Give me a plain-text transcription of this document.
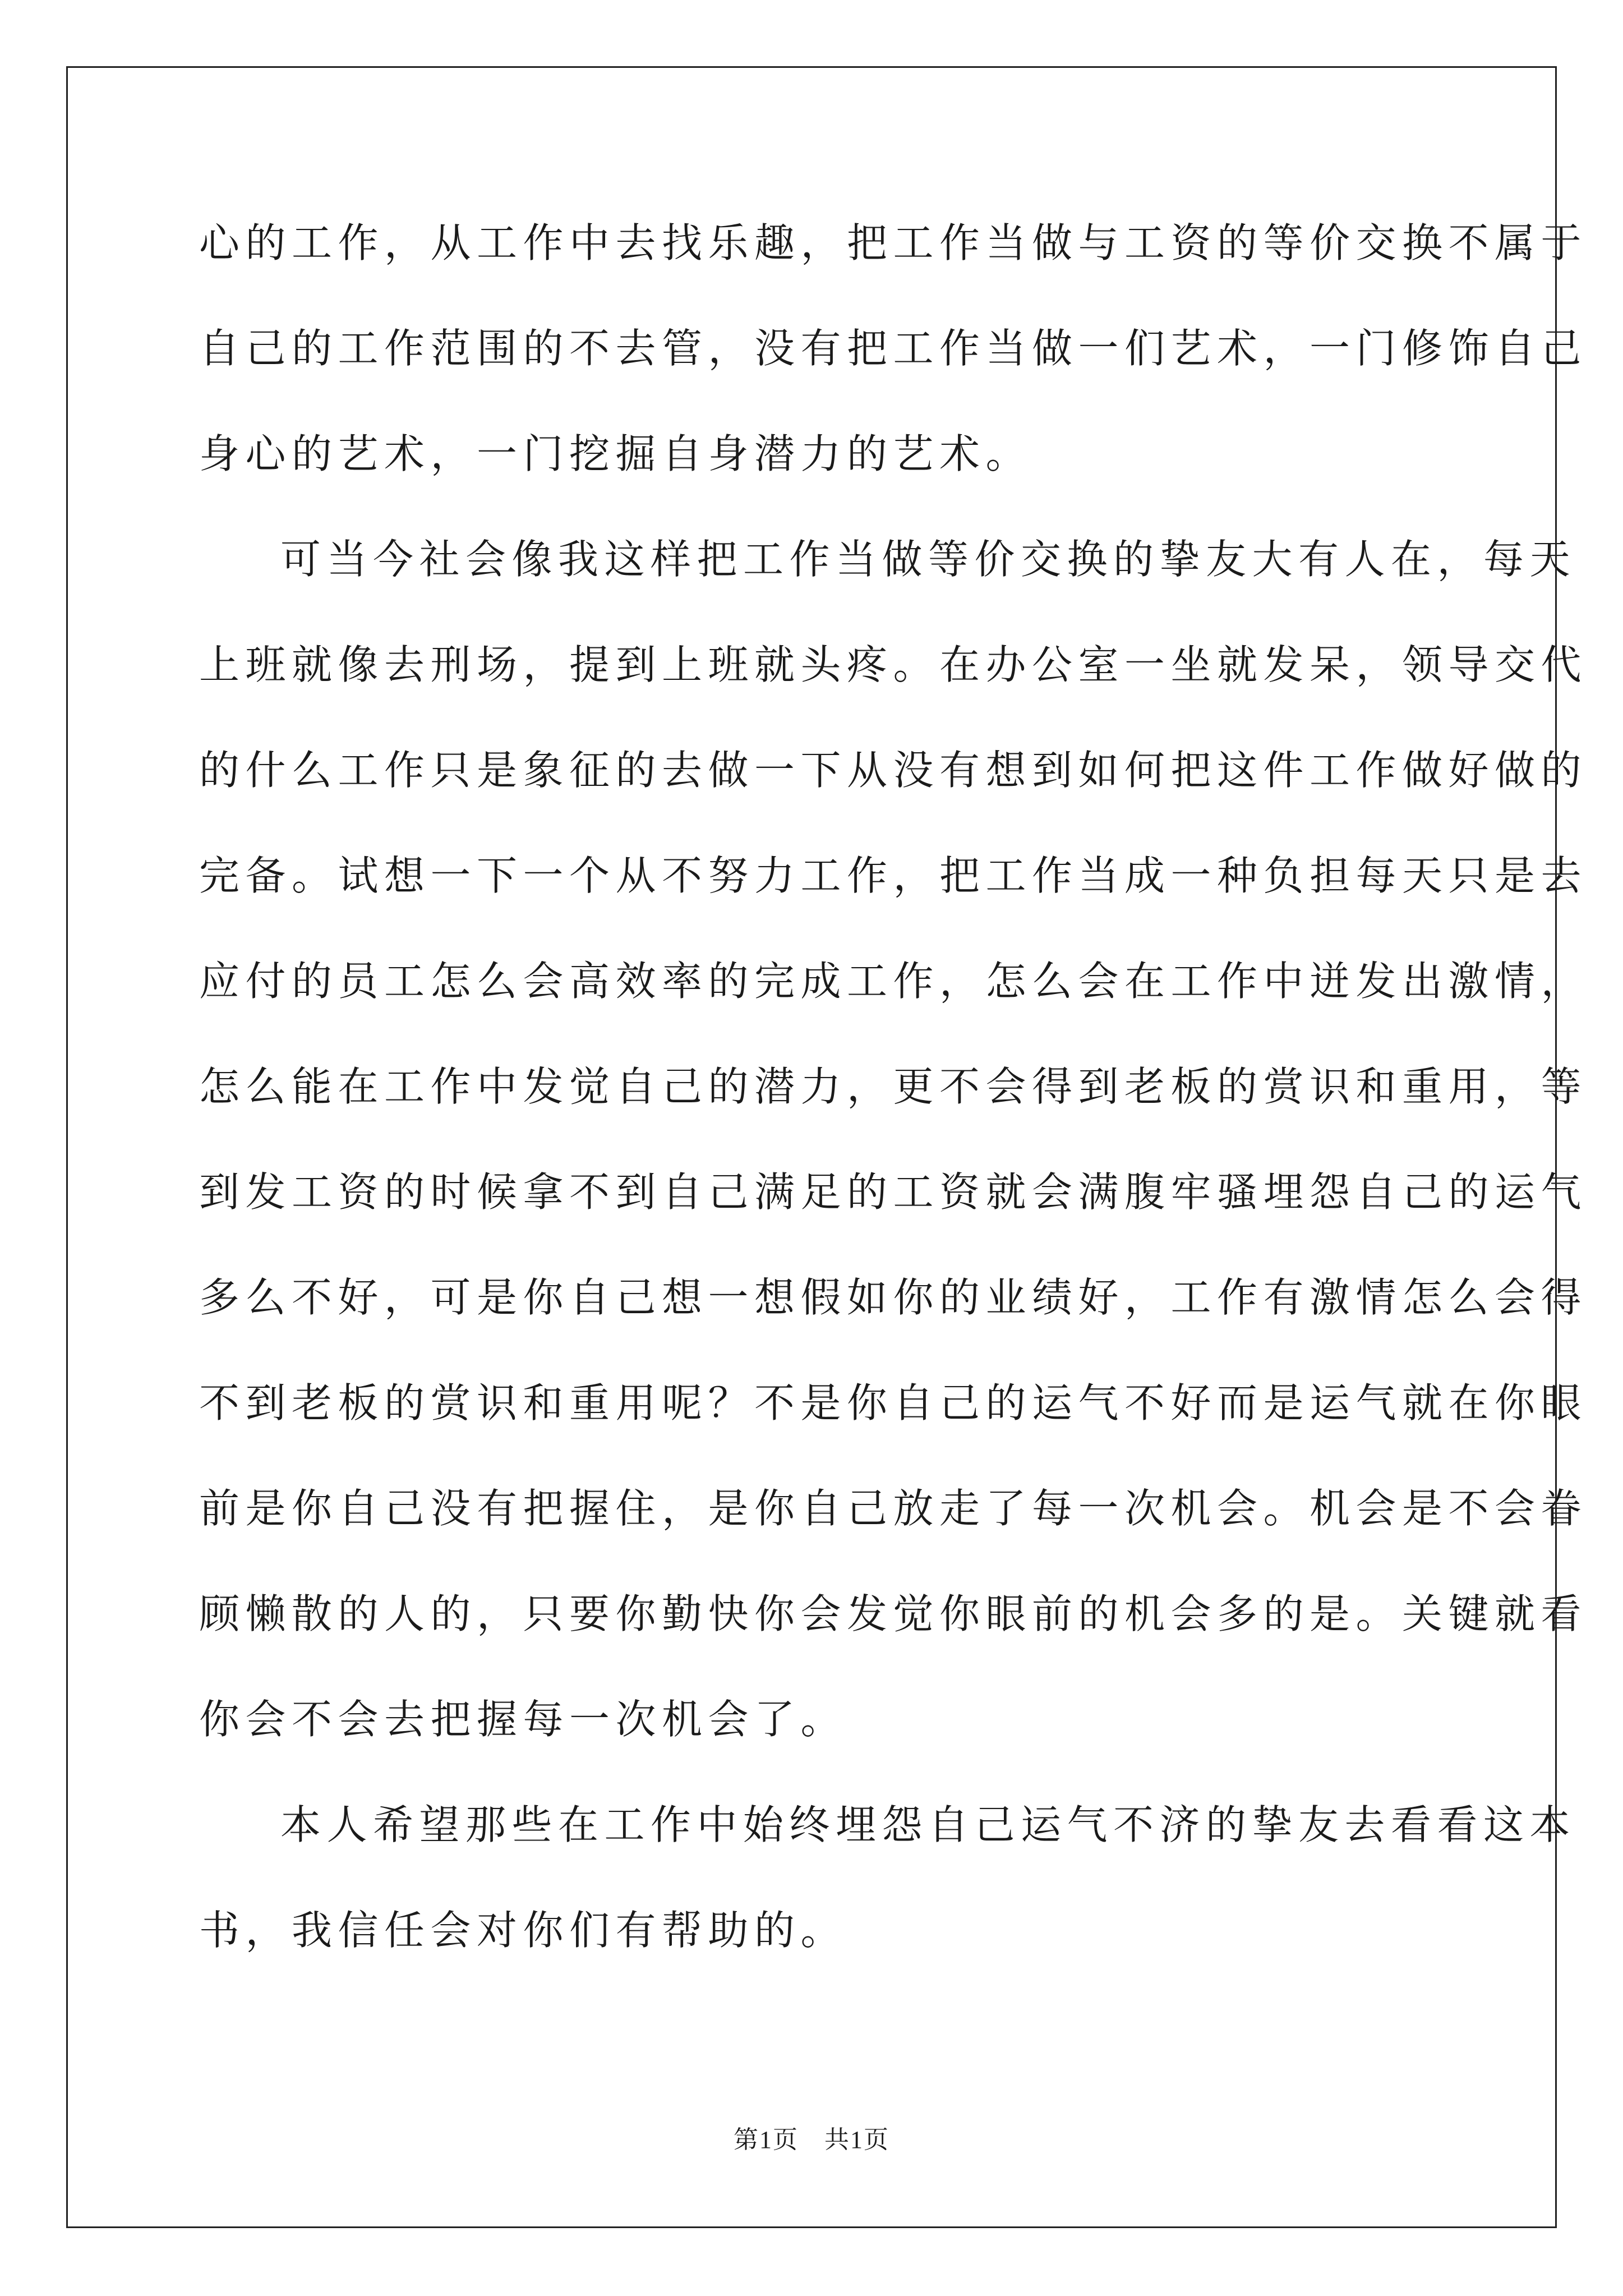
心的工作，从工作中去找乐趣，把工作当做与工资的等价交换不属于
自己的工作范围的不去管，没有把工作当做一们艺术，一门修饰自己
身心的艺术，一门挖掘自身潜力的艺术。
可当今社会像我这样把工作当做等价交换的挚友大有人在，每天
上班就像去刑场，提到上班就头疼。在办公室一坐就发呆，领导交代
的什么工作只是象征的去做一下从没有想到如何把这件工作做好做的
完备。试想一下一个从不努力工作，把工作当成一种负担每天只是去
应付的员工怎么会高效率的完成工作，怎么会在工作中迸发出激情，
怎么能在工作中发觉自己的潜力，更不会得到老板的赏识和重用，等
到发工资的时候拿不到自己满足的工资就会满腹牢骚埋怨自己的运气
多么不好，可是你自己想一想假如你的业绩好，工作有激情怎么会得
不到老板的赏识和重用呢？不是你自己的运气不好而是运气就在你眼
前是你自己没有把握住，是你自己放走了每一次机会。机会是不会眷
顾懒散的人的，只要你勤快你会发觉你眼前的机会多的是。关键就看
你会不会去把握每一次机会了。
本人希望那些在工作中始终埋怨自己运气不济的挚友去看看这本
书，我信任会对你们有帮助的。
第1页　共1页
